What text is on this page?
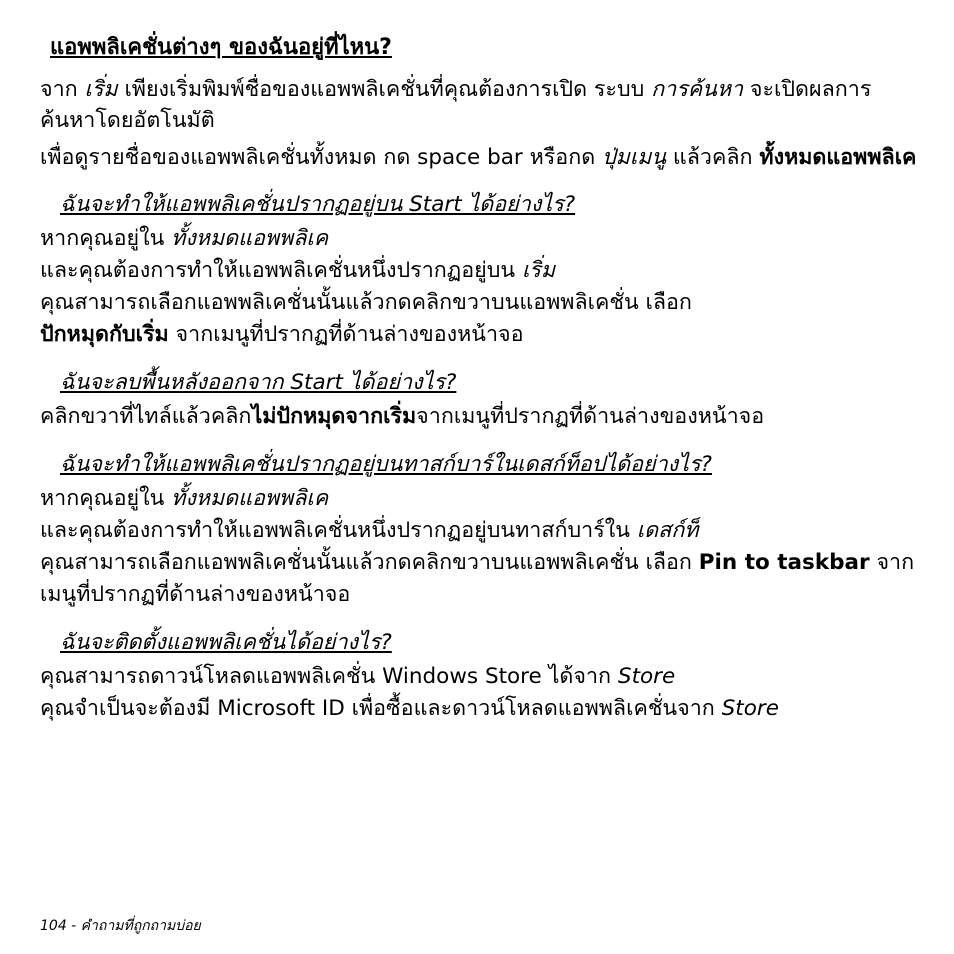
แอพพลิเคชั่นต่างๆ ของฉันอยู่ที่ไหน?
จาก เริ่ม เพียงเริ่มพิมพ์ชื่อของแอพพลิเคชั่นที่คุณต้องการเปิด ระบบ การค้นหา จะเปิดผลการค้นหาโดยอัตโนมัติ
เพื่อดูรายชื่อของแอพพลิเคชั่นทั้งหมด กด space bar หรือกด ปุ่มเมนู แล้วคลิก ทั้งหมดแอพพลิเค
ฉันจะทำให้แอพพลิเคชั่นปรากฏอยู่บน Start ได้อย่างไร?
หากคุณอยู่ใน ทั้งหมดแอพพลิเค
และคุณต้องการทำให้แอพพลิเคชั่นหนึ่งปรากฏอยู่บน เริ่ม
คุณสามารถเลือกแอพพลิเคชั่นนั้นแล้วกดคลิกขวาบนแอพพลิเคชั่น เลือก
ปักหมุดกับเริ่ม จากเมนูที่ปรากฏที่ด้านล่างของหน้าจอ
ฉันจะลบพื้นหลังออกจาก Start ได้อย่างไร?
คลิกขวาที่ไทล์แล้วคลิกไม่ปักหมุดจากเริ่มจากเมนูที่ปรากฏที่ด้านล่างของหน้าจอ
ฉันจะทำให้แอพพลิเคชั่นปรากฏอยู่บนทาสก์บาร์ในเดสก์ท็อปได้อย่างไร?
หากคุณอยู่ใน ทั้งหมดแอพพลิเค
และคุณต้องการทำให้แอพพลิเคชั่นหนึ่งปรากฏอยู่บนทาสก์บาร์ใน เดสก์ท็
คุณสามารถเลือกแอพพลิเคชั่นนั้นแล้วกดคลิกขวาบนแอพพลิเคชั่น เลือก Pin to taskbar จากเมนูที่ปรากฏที่ด้านล่างของหน้าจอ
ฉันจะติดตั้งแอพพลิเคชั่นได้อย่างไร?
คุณสามารถดาวน์โหลดแอพพลิเคชั่น Windows Store ได้จาก Store
คุณจำเป็นจะต้องมี Microsoft ID เพื่อซื้อและดาวน์โหลดแอพพลิเคชั่นจาก Store
104 - คำถามที่ถูกถามบ่อย
